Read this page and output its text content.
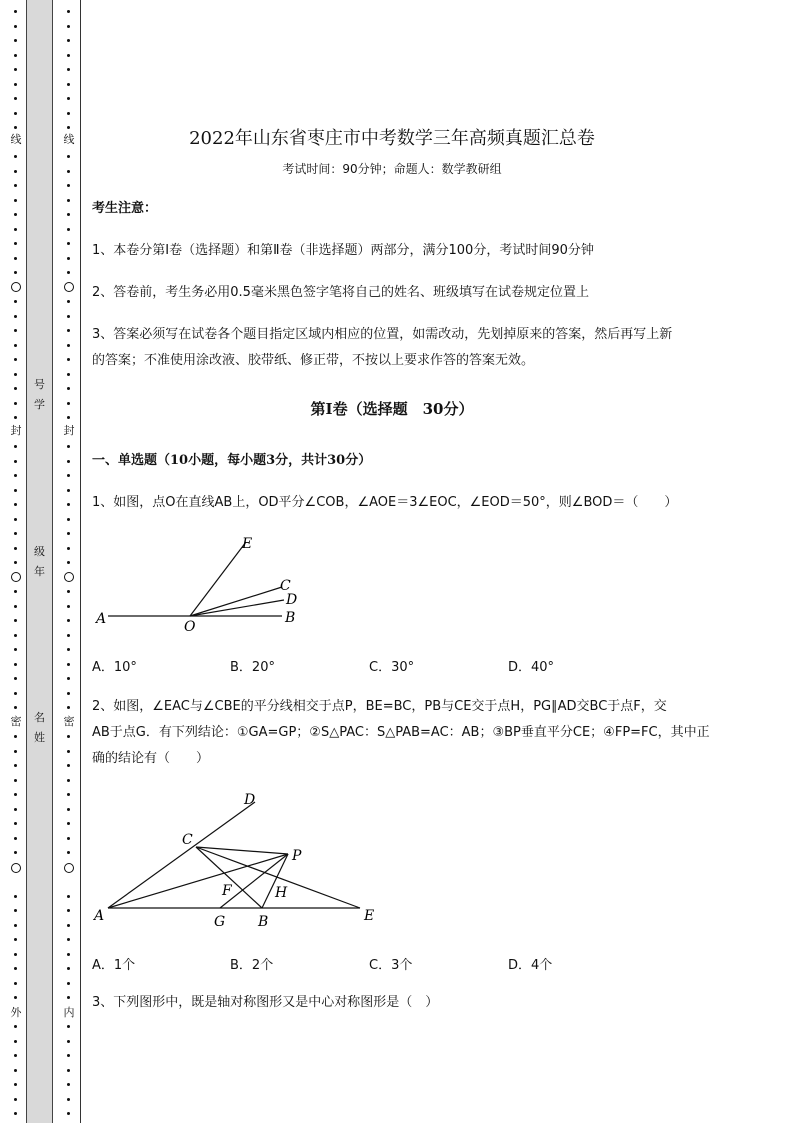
线
封
密
外
线
封
密
内
号
学
级
年
名
姓
2022年山东省枣庄市中考数学三年高频真题汇总卷
考试时间：90分钟；命题人：数学教研组
考生注意：
1、本卷分第I卷（选择题）和第Ⅱ卷（非选择题）两部分，满分100分，考试时间90分钟
2、答卷前，考生务必用0.5毫米黑色签字笔将自己的姓名、班级填写在试卷规定位置上
3、答案必须写在试卷各个题目指定区域内相应的位置，如需改动，先划掉原来的答案，然后再写上新
的答案；不准使用涂改液、胶带纸、修正带，不按以上要求作答的答案无效。
第I卷（选择题　30分）
一、单选题（10小题，每小题3分，共计30分）
1、如图，点O在直线AB上，OD平分∠COB，∠AOE＝3∠EOC，∠EOD＝50°，则∠BOD＝（　　）
E
C
D
A	O
B
A．10°	B．20°	C．30°	D．40°
2、如图，∠EAC与∠CBE的平分线相交于点P，BE=BC，PB与CE交于点H，PG∥AD交BC于点F，交
AB于点G．有下列结论：①GA=GP；②S△PAC：S△PAB=AC：AB；③BP垂直平分CE；④FP=FC，其中正
确的结论有（　　）
D
C
P
F	H
A	G B	E
A．1个	B．2个	C．3个	D．4个
3、下列图形中，既是轴对称图形又是中心对称图形是（　）
